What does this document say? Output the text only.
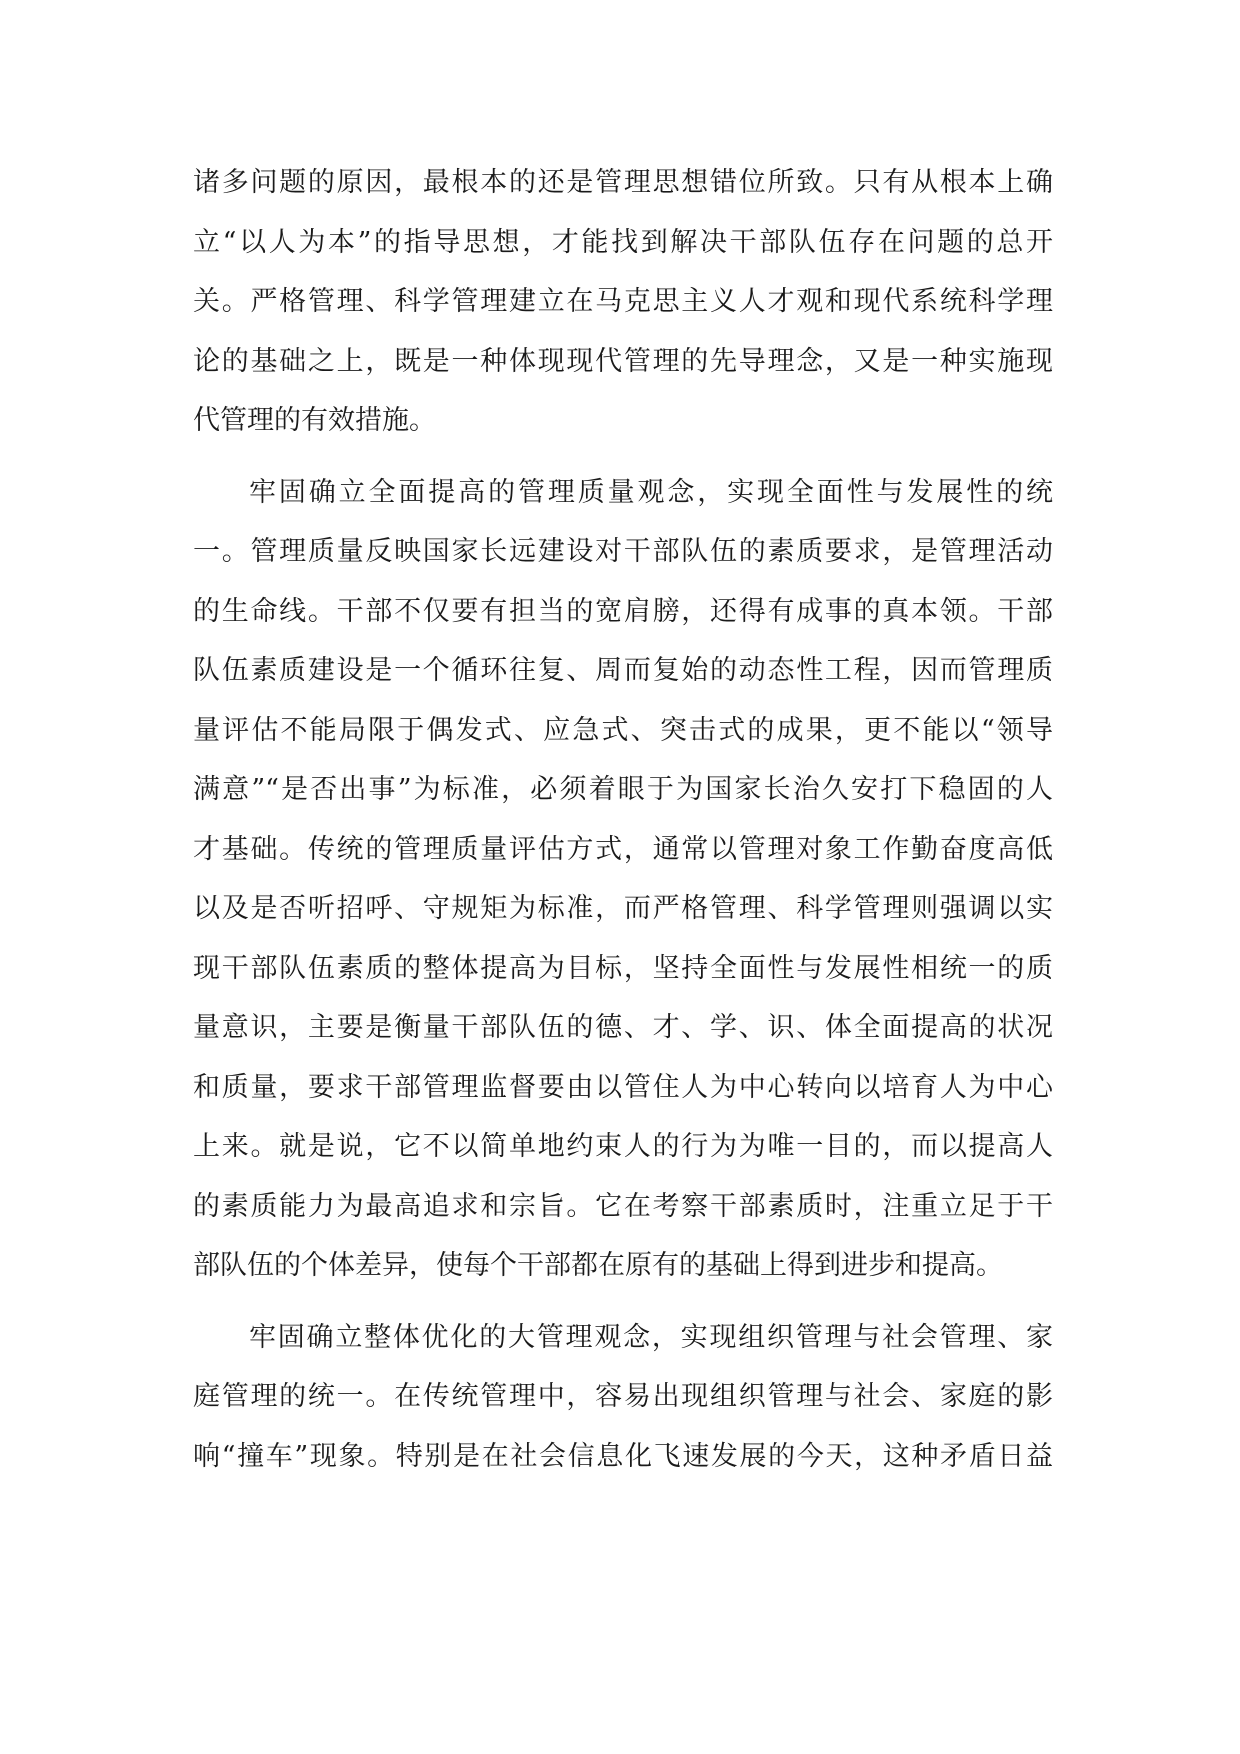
诸多问题的原因，最根本的还是管理思想错位所致。只有从根本上确
立“以人为本”的指导思想，才能找到解决干部队伍存在问题的总开
关。严格管理、科学管理建立在马克思主义人才观和现代系统科学理
论的基础之上，既是一种体现现代管理的先导理念，又是一种实施现
代管理的有效措施。
牢固确立全面提高的管理质量观念，实现全面性与发展性的统
一。管理质量反映国家长远建设对干部队伍的素质要求，是管理活动
的生命线。干部不仅要有担当的宽肩膀，还得有成事的真本领。干部
队伍素质建设是一个循环往复、周而复始的动态性工程，因而管理质
量评估不能局限于偶发式、应急式、突击式的成果，更不能以“领导
满意”“是否出事”为标准，必须着眼于为国家长治久安打下稳固的人
才基础。传统的管理质量评估方式，通常以管理对象工作勤奋度高低
以及是否听招呼、守规矩为标准，而严格管理、科学管理则强调以实
现干部队伍素质的整体提高为目标，坚持全面性与发展性相统一的质
量意识，主要是衡量干部队伍的德、才、学、识、体全面提高的状况
和质量，要求干部管理监督要由以管住人为中心转向以培育人为中心
上来。就是说，它不以简单地约束人的行为为唯一目的，而以提高人
的素质能力为最高追求和宗旨。它在考察干部素质时，注重立足于干
部队伍的个体差异，使每个干部都在原有的基础上得到进步和提高。
牢固确立整体优化的大管理观念，实现组织管理与社会管理、家
庭管理的统一。在传统管理中，容易出现组织管理与社会、家庭的影
响“撞车”现象。特别是在社会信息化飞速发展的今天，这种矛盾日益
